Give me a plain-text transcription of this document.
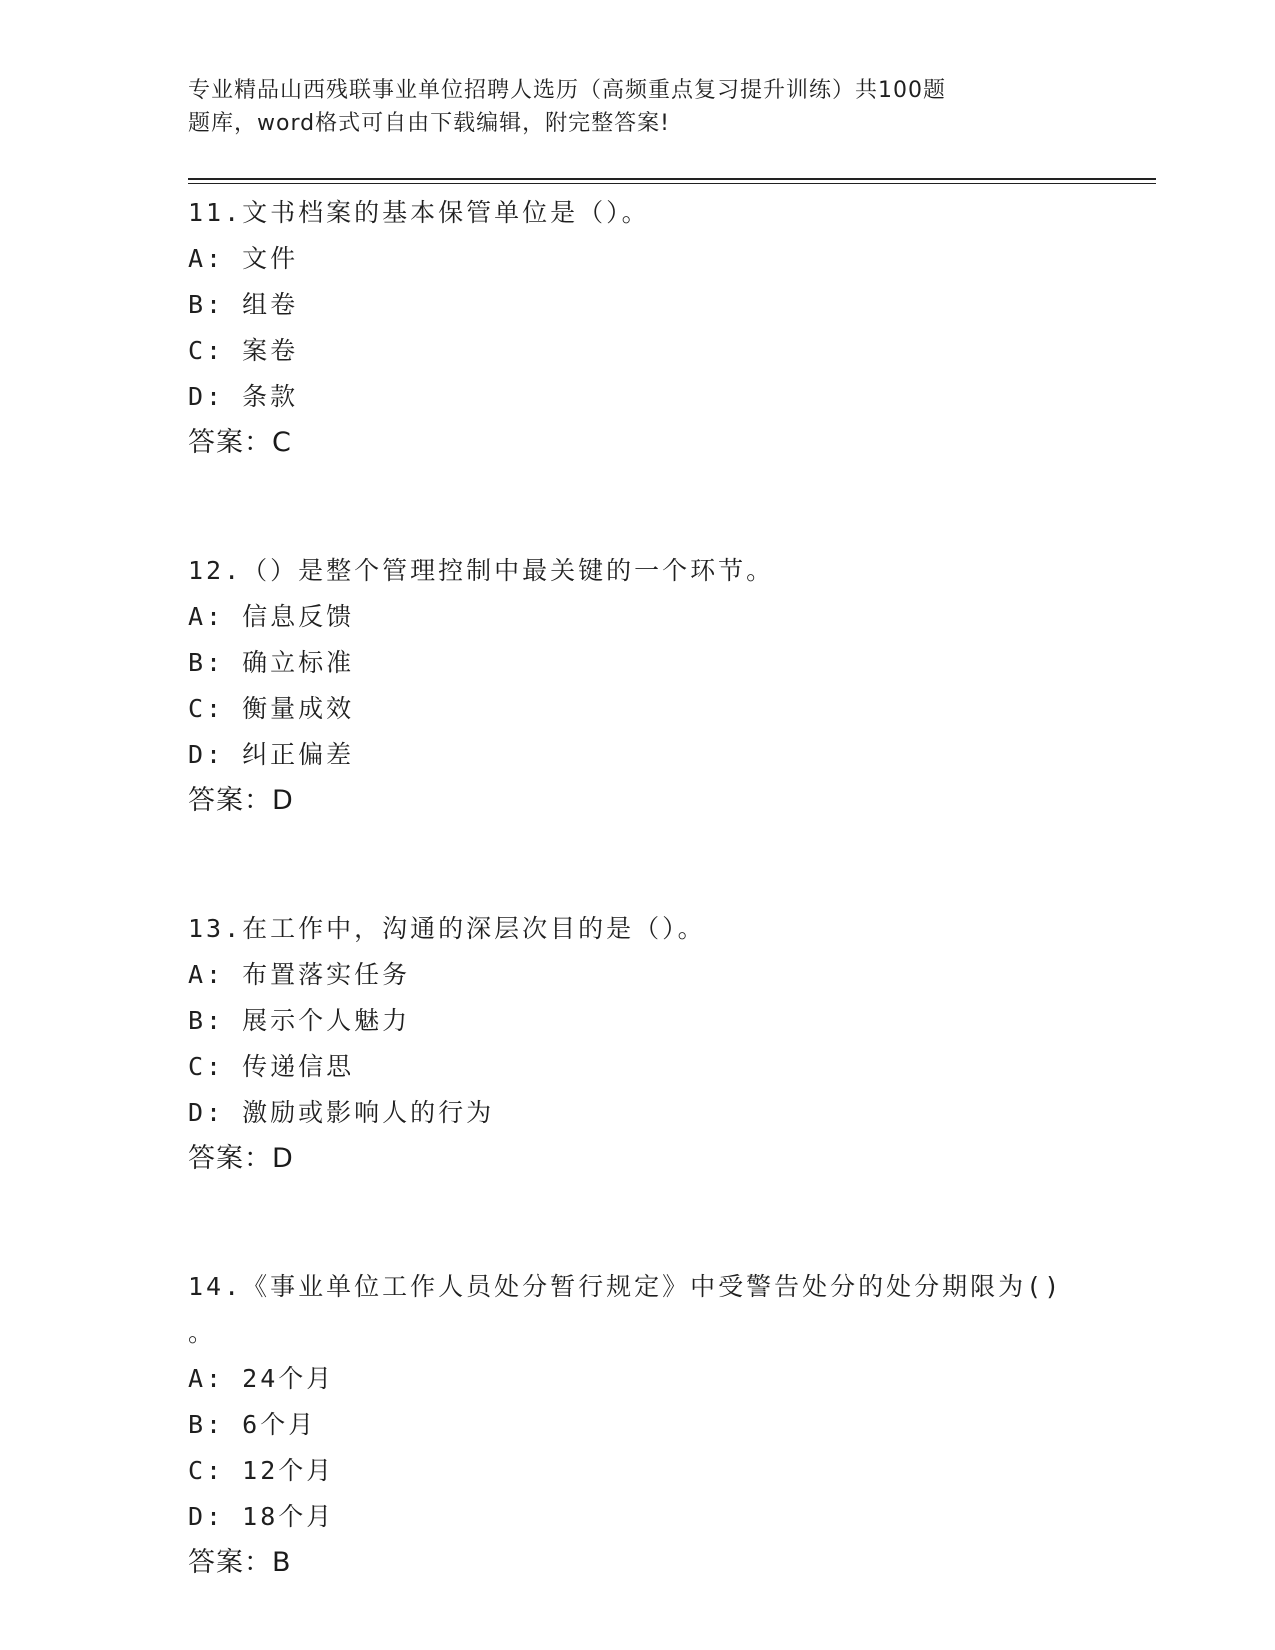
专业精品山西残联事业单位招聘人选历（高频重点复习提升训练）共100题
题库，word格式可自由下载编辑，附完整答案!
11.文书档案的基本保管单位是（）。
A: 文件
B: 组卷
C: 案卷
D: 条款
答案：C
12.（）是整个管理控制中最关键的一个环节。
A: 信息反馈
B: 确立标准
C: 衡量成效
D: 纠正偏差
答案：D
13.在工作中，沟通的深层次目的是（）。
A: 布置落实任务
B: 展示个人魅力
C: 传递信思
D: 激励或影响人的行为
答案：D
14.《事业单位工作人员处分暂行规定》中受警告处分的处分期限为()
。
A: 24个月
B: 6个月
C: 12个月
D: 18个月
答案：B
